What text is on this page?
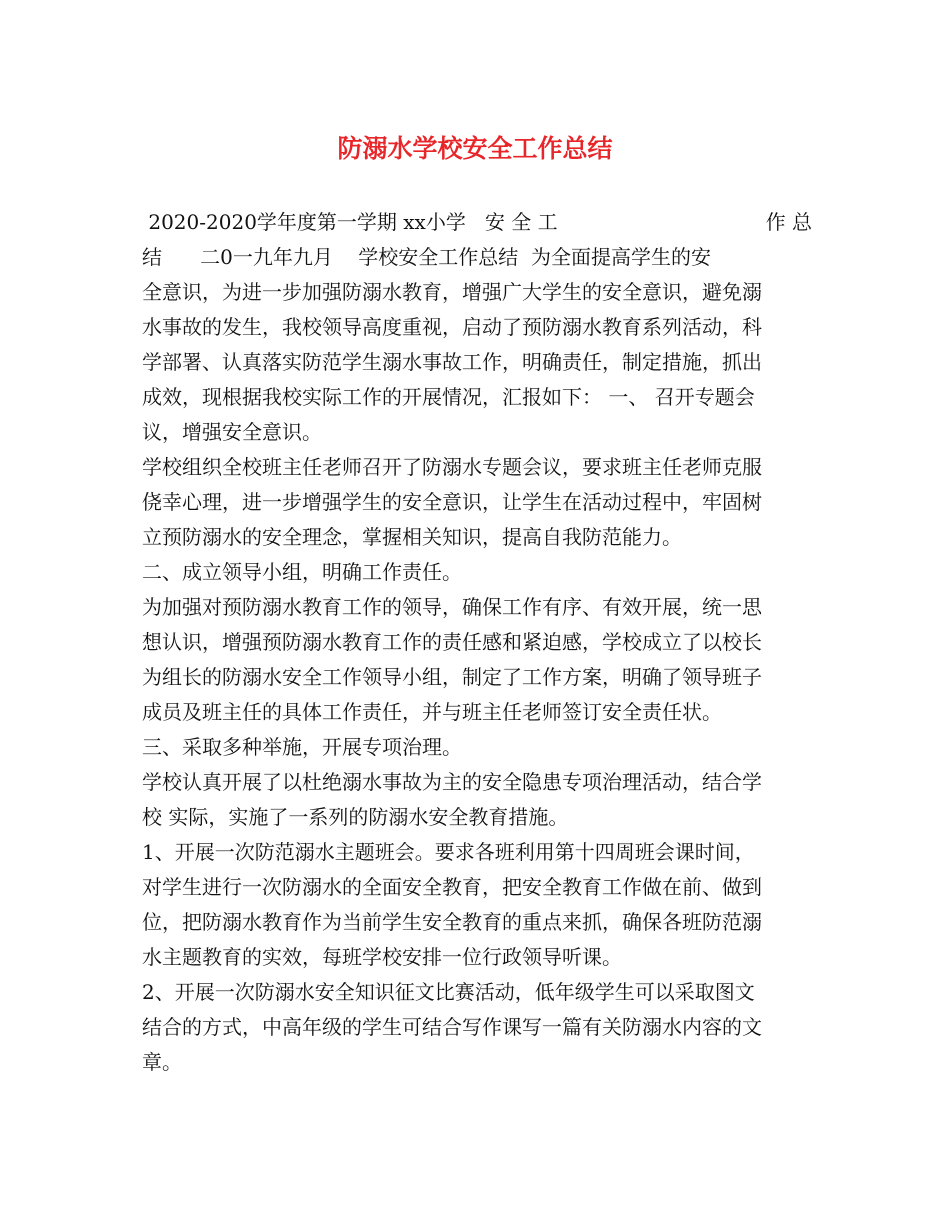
防溺水学校安全工作总结
2020-2020学年度第一学期 xx小学   安 全 工	作 总
结      二0一九年九月    学校安全工作总结  为全面提高学生的安
全意识，为进一步加强防溺水教育，增强广大学生的安全意识，避免溺
水事故的发生，我校领导高度重视，启动了预防溺水教育系列活动，科
学部署、认真落实防范学生溺水事故工作，明确责任，制定措施，抓出
成效，现根据我校实际工作的开展情况，汇报如下： 一、 召开专题会
议，增强安全意识。
学校组织全校班主任老师召开了防溺水专题会议，要求班主任老师克服
侥幸心理，进一步增强学生的安全意识，让学生在活动过程中，牢固树
立预防溺水的安全理念，掌握相关知识，提高自我防范能力。
二、成立领导小组，明确工作责任。
为加强对预防溺水教育工作的领导，确保工作有序、有效开展，统一思
想认识，增强预防溺水教育工作的责任感和紧迫感，学校成立了以校长
为组长的防溺水安全工作领导小组，制定了工作方案，明确了领导班子
成员及班主任的具体工作责任，并与班主任老师签订安全责任状。
三、采取多种举施，开展专项治理。
学校认真开展了以杜绝溺水事故为主的安全隐患专项治理活动，结合学
校 实际，实施了一系列的防溺水安全教育措施。
1、开展一次防范溺水主题班会。要求各班利用第十四周班会课时间，
对学生进行一次防溺水的全面安全教育，把安全教育工作做在前、做到
位，把防溺水教育作为当前学生安全教育的重点来抓，确保各班防范溺
水主题教育的实效，每班学校安排一位行政领导听课。
2、开展一次防溺水安全知识征文比赛活动，低年级学生可以采取图文
结合的方式，中高年级的学生可结合写作课写一篇有关防溺水内容的文
章。
